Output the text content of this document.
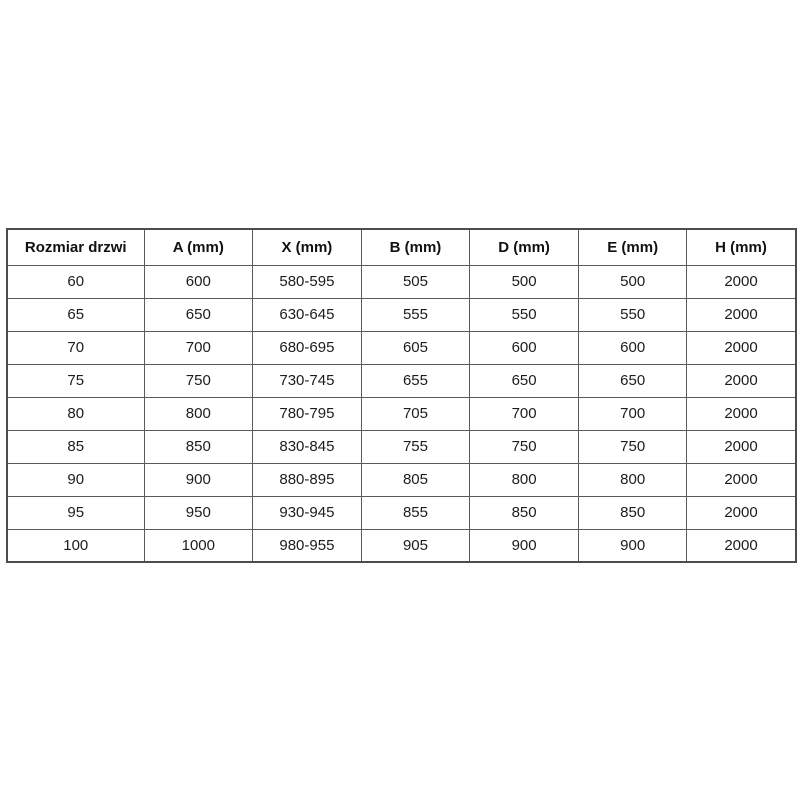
Rozmiar drzwi	A (mm)	X (mm)	B (mm)	D (mm)	E (mm)	H (mm)
60	600	580-595	505	500	500	2000
65	650	630-645	555	550	550	2000
70	700	680-695	605	600	600	2000
75	750	730-745	655	650	650	2000
80	800	780-795	705	700	700	2000
85	850	830-845	755	750	750	2000
90	900	880-895	805	800	800	2000
95	950	930-945	855	850	850	2000
100	1000	980-955	905	900	900	2000
